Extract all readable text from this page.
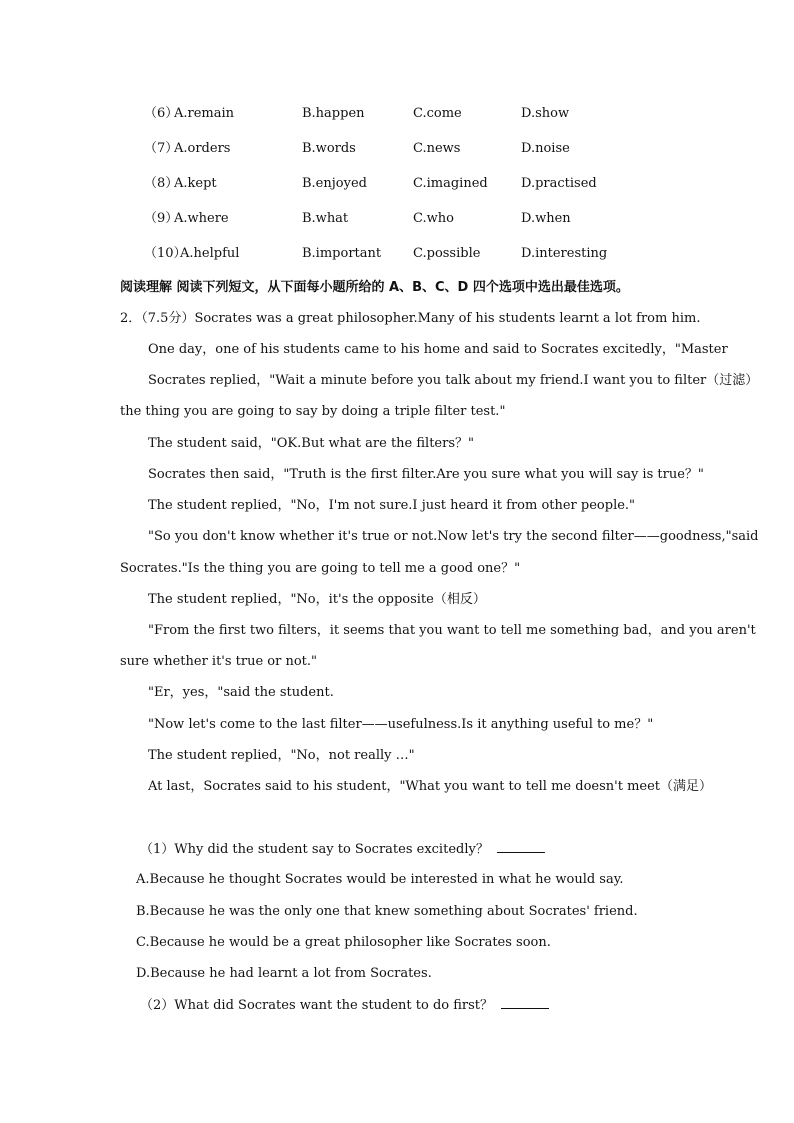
（6）
A.remain	B.happen	C.come	D.show
（7）
A.orders	B.words	C.news	D.noise
（8）
A.kept	B.enjoyed	C.imagined	D.practised
（9）
A.where	B.what	C.who	D.when
（10）
A.helpful	B.important C.possible	D.interesting
阅读理解 阅读下列短文，从下面每小题所给的 A、B、C、D 四个选项中选出最佳选项。
2．（7.5分）Socrates was a great philosopher.Many of his students learnt a lot from him.
One day，one of his students came to his home and said to Socrates excitedly，"Master
Socrates replied，"Wait a minute before you talk about my friend.I want you to filter（过滤）
the thing you are going to say by doing a triple filter test."
The student said，"OK.But what are the filters？"
Socrates then said，"Truth is the first filter.Are you sure what you will say is true？"
The student replied，"No，I'm not sure.I just heard it from other people."
"So you don't know whether it's true or not.Now let's try the second filter——goodness,"said
Socrates."Is the thing you are going to tell me a good one？"
The student replied，"No，it's the opposite（相反）
"From the first two filters，it seems that you want to tell me something bad，and you aren't
sure whether it's true or not."
"Er，yes，"said the student.
"Now let's come to the last filter——usefulness.Is it anything useful to me？"
The student replied，"No，not really …"
At last，Socrates said to his student，"What you want to tell me doesn't meet（满足）
（1）Why did the student say to Socrates excitedly？
A.Because he thought Socrates would be interested in what he would say.
B.Because he was the only one that knew something about Socrates' friend.
C.Because he would be a great philosopher like Socrates soon.
D.Because he had learnt a lot from Socrates.
（2）What did Socrates want the student to do first？
